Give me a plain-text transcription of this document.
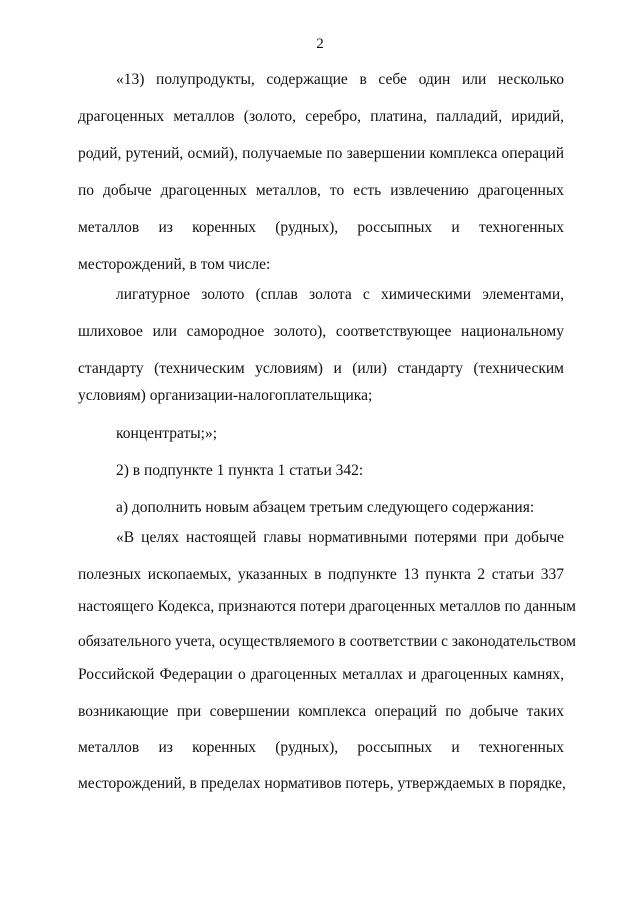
2
«13) полупродукты, содержащие в себе один или несколько
драгоценных металлов (золото, серебро, платина, палладий, иридий,
родий, рутений, осмий), получаемые по завершении комплекса операций
по добыче драгоценных металлов, то есть извлечению драгоценных
металлов из коренных (рудных), россыпных и техногенных
месторождений, в том числе:
лигатурное золото (сплав золота с химическими элементами,
шлиховое или самородное золото), соответствующее национальному
стандарту (техническим условиям) и (или) стандарту (техническим
условиям) организации-налогоплательщика;
концентраты;»;
2) в подпункте 1 пункта 1 статьи 342:
а) дополнить новым абзацем третьим следующего содержания:
«В целях настоящей главы нормативными потерями при добыче
полезных ископаемых, указанных в подпункте 13 пункта 2 статьи 337
настоящего Кодекса, признаются потери драгоценных металлов по данным
обязательного учета, осуществляемого в соответствии с законодательством
Российской Федерации о драгоценных металлах и драгоценных камнях,
возникающие при совершении комплекса операций по добыче таких
металлов из коренных (рудных), россыпных и техногенных
месторождений, в пределах нормативов потерь, утверждаемых в порядке,
